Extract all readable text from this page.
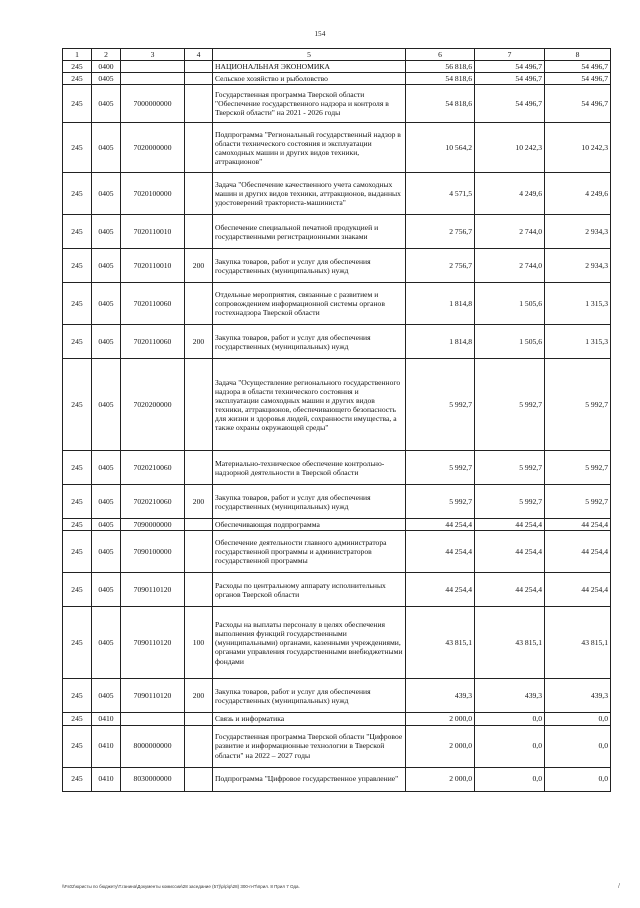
154
1	2	3	4	5	6	7	8
245	0400			НАЦИОНАЛЬНАЯ ЭКОНОМИКА	56 818,6	54 496,7	54 496,7
245	0405			Сельское хозяйство и рыболовство	54 818,6	54 496,7	54 496,7
245	0405	7000000000		Государственная программа Тверской области "Обеспечение государственного надзора и контроля в Тверской области" на 2021 - 2026 годы	54 818,6	54 496,7	54 496,7
245	0405	7020000000		Подпрограмма "Региональный государственный надзор в области технического состояния и эксплуатации самоходных машин и других видов техники, аттракционов"	10 564,2	10 242,3	10 242,3
245	0405	7020100000		Задача "Обеспечение качественного учета самоходных машин и других видов техники, аттракционов, выданных удостоверений тракториста-машиниста"	4 571,5	4 249,6	4 249,6
245	0405	7020110010		Обеспечение специальной печатной продукцией и государственными регистрационными знаками	2 756,7	2 744,0	2 934,3
245	0405	7020110010	200	Закупка товаров, работ и услуг для обеспечения государственных (муниципальных) нужд	2 756,7	2 744,0	2 934,3
245	0405	7020110060		Отдельные мероприятия, связанные с развитием и сопровождением информационной системы органов гостехнадзора Тверской области	1 814,8	1 505,6	1 315,3
245	0405	7020110060	200	Закупка товаров, работ и услуг для обеспечения государственных (муниципальных) нужд	1 814,8	1 505,6	1 315,3
245	0405	7020200000		Задача "Осуществление регионального государственного надзора в области технического состояния и эксплуатации самоходных машин и других видов техники, аттракционов, обеспечивающего безопасность для жизни и здоровья людей, сохранности имущества, а также охраны окружающей среды"	5 992,7	5 992,7	5 992,7
245	0405	7020210060		Материально-техническое обеспечение контрольно-надзорной деятельности в Тверской области	5 992,7	5 992,7	5 992,7
245	0405	7020210060	200	Закупка товаров, работ и услуг для обеспечения государственных (муниципальных) нужд	5 992,7	5 992,7	5 992,7
245	0405	7090000000		Обеспечивающая подпрограмма	44 254,4	44 254,4	44 254,4
245	0405	7090100000		Обеспечение деятельности главного администратора государственной программы и администраторов государственной программы	44 254,4	44 254,4	44 254,4
245	0405	7090110120		Расходы по центральному аппарату исполнительных органов Тверской области	44 254,4	44 254,4	44 254,4
245	0405	7090110120	100	Расходы на выплаты персоналу в целях обеспечения выполнения функций государственными (муниципальными) органами, казенными учреждениями, органами управления государственными внебюджетными фондами	43 815,1	43 815,1	43 815,1
245	0405	7090110120	200	Закупка товаров, работ и услуг для обеспечения государственных (муниципальных) нужд	439,3	439,3	439,3
245	0410			Связь и информатика	2 000,0	0,0	0,0
245	0410	8000000000		Государственная программа Тверской области "Цифровое развитие и информационные технологии в Тверской области" на 2022 – 2027 годы	2 000,0	0,0	0,0
245	0410	8030000000		Подпрограмма "Цифровое государственное управление"	2 000,0	0,0	0,0
\\Fs02\юристы по бюджету\Т.ганина\Документы комиссии\28 заседание (57)\р\р\р\28) 300-п-П\прил. 8 Прил 7 Ода.	/
